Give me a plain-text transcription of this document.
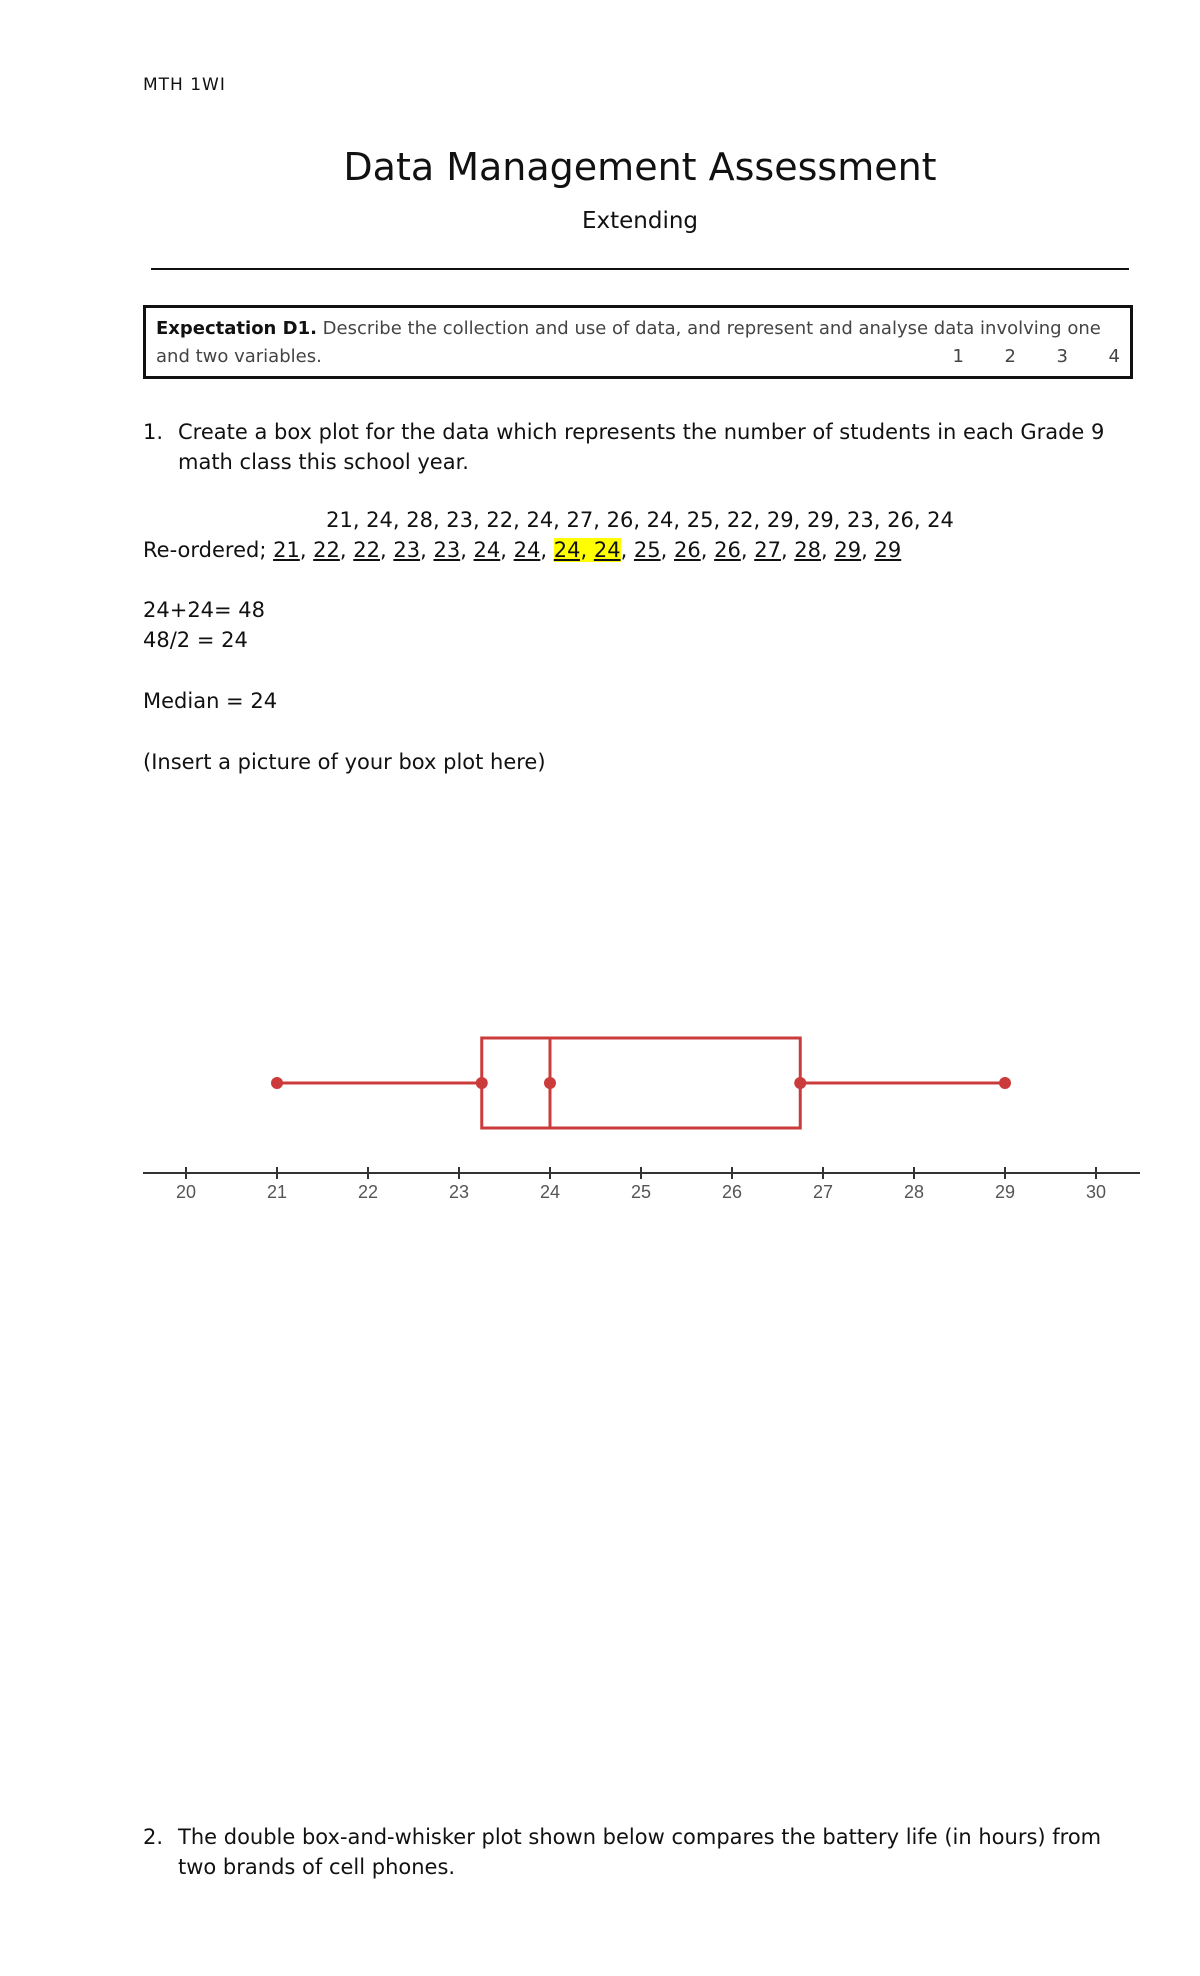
MTH 1WI
Data Management Assessment
Extending
Expectation D1. Describe the collection and use of data, and represent and analyse data involving one
and two variables.	1 2 3 4
1. Create a box plot for the data which represents the number of students in each Grade 9 math class this school year.
21, 24, 28, 23, 22, 24, 27, 26, 24, 25, 22, 29, 29, 23, 26, 24
Re-ordered; 21, 22, 22, 23, 23, 24, 24, 24, 24, 25, 26, 26, 27, 28, 29, 29
24+24= 48
48/2 = 24
Median = 24
(Insert a picture of your box plot here)
20	21	22	23	24	25	26	27	28	29	30
2. The double box-and-whisker plot shown below compares the battery life (in hours) from two brands of cell phones.
